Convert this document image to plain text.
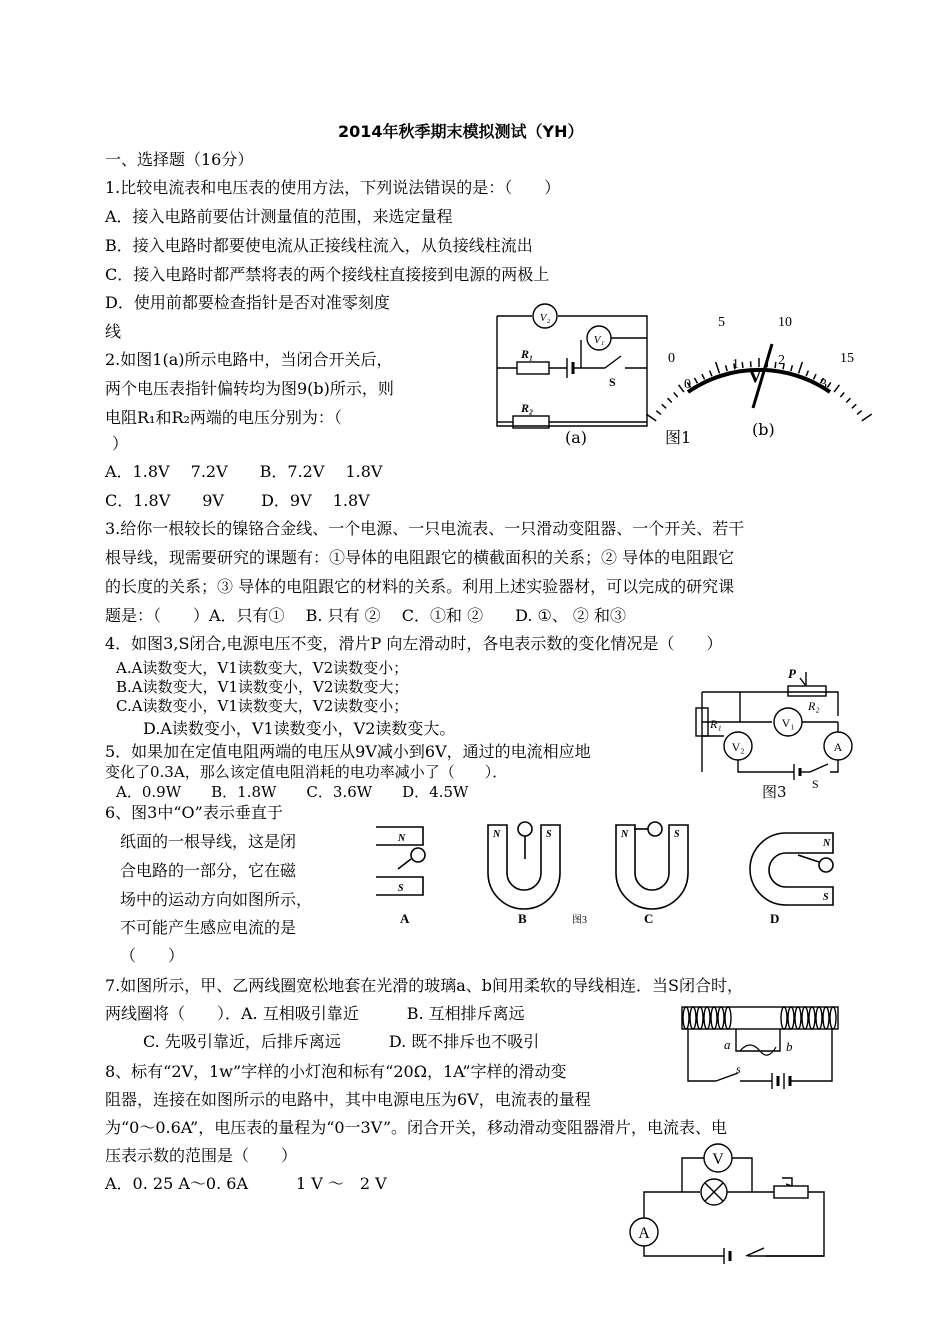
2014年秋季期末模拟测试（YH）
一、选择题（16分）
1.比较电流表和电压表的使用方法，下列说法错误的是：（　　）
A．接入电路前要估计测量值的范围，来选定量程
B．接入电路时都要使电流从正接线柱流入，从负接线柱流出
C．接入电路时都严禁将表的两个接线柱直接接到电源的两极上
D．使用前都要检查指针是否对准零刻度
线
2.如图1(a)所示电路中，当闭合开关后，
两个电压表指针偏转均为图9(b)所示，则
电阻R₁和R₂两端的电压分别为：（
）
A．1.8V　 7.2V　　B．7.2V　 1.8V
C．1.8V　　9V　　 D．9V　 1.8V
V₂
V₁
R₁
R₂
S
(a)	图1
0
5	10
15
0
1	2
3
V
(b)
3.给你一根较长的镍铬合金线、一个电源、一只电流表、一只滑动变阻器、一个开关、若干
根导线，现需要研究的课题有：①导体的电阻跟它的横截面积的关系；② 导体的电阻跟它
的长度的关系；③ 导体的电阻跟它的材料的关系。利用上述实验器材，可以完成的研究课
题是：（　　）A．只有①　 B. 只有 ②　 C．①和 ②　　D. ①、 ② 和③
4．如图3,S闭合,电源电压不变，滑片P 向左滑动时，各电表示数的变化情况是（　　）
A.A读数变大，V1读数变大，V2读数变小；
B.A读数变大，V1读数变小，V2读数变大；
C.A读数变小，V1读数变大，V2读数变小；
D.A读数变小，V1读数变小，V2读数变大。
P
R₁
R₂
V₁
V₂	A
S
图3
5．如果加在定值电阻两端的电压从9V减小到6V，通过的电流相应地
变化了0.3A，那么该定值电阻消耗的电功率减小了（　　）．
A．0.9W　　B．1.8W　　C．3.6W　　D．4.5W
6、图3中“O”表示垂直于
纸面的一根导线，这是闭
合电路的一部分，它在磁
场中的运动方向如图所示，
不可能产生感应电流的是
（　　）
N
S
N	S	N	S
N
S
A	B	C	D
图3
7.如图所示，甲、乙两线圈宽松地套在光滑的玻璃a、b间用柔软的导线相连．当S闭合时，
两线圈将（　　）．A. 互相吸引靠近　　　B. 互相排斥离远
C. 先吸引靠近，后排斥离远　　　D. 既不排斥也不吸引	a	b
s
8、标有“2V，1w”字样的小灯泡和标有“20Ω，1A”字样的滑动变
阻器，连接在如图所示的电路中，其中电源电压为6V，电流表的量程
为“0～0.6A”，电压表的量程为“0一3V”。闭合开关，移动滑动变阻器滑片，电流表、电
压表示数的范围是（　　）
A．0. 25 A～0. 6A　　　1 V ～　2 V
V
A
